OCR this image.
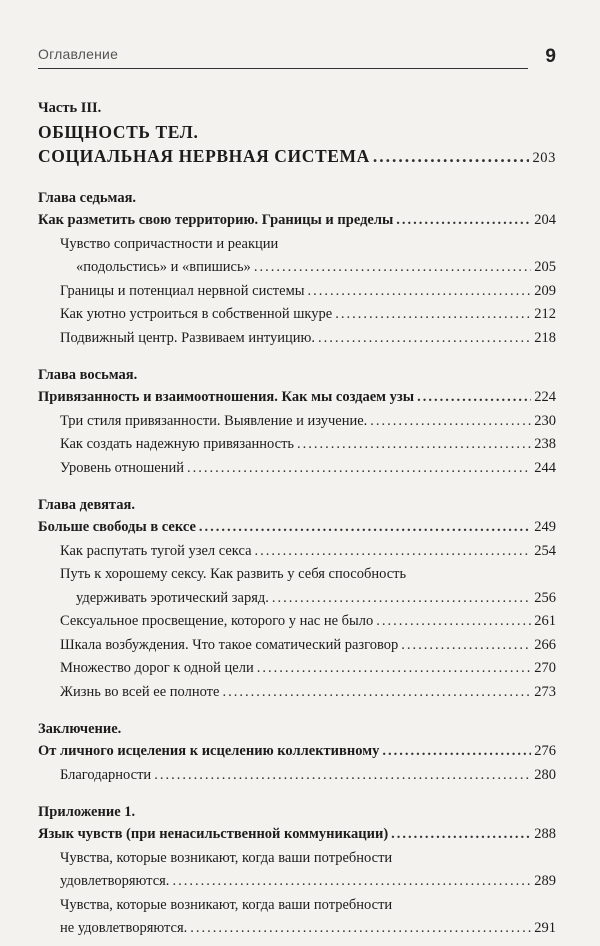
Оглавление	9
Часть III.
ОБЩНОСТЬ ТЕЛ.
СОЦИАЛЬНАЯ НЕРВНАЯ СИСТЕМА .....	203
Глава седьмая.
Как разметить свою территорию. Границы и пределы .....	204
Чувство сопричастности и реакции
«подольстись» и «впишись» .....	205
Границы и потенциал нервной системы .....	209
Как уютно устроиться в собственной шкуре .....	212
Подвижный центр. Развиваем интуицию. .....	218
Глава восьмая.
Привязанность и взаимоотношения. Как мы создаем узы .....	224
Три стиля привязанности. Выявление и изучение. .....	230
Как создать надежную привязанность .....	238
Уровень отношений .....	244
Глава девятая.
Больше свободы в сексе .....	249
Как распутать тугой узел секса .....	254
Путь к хорошему сексу. Как развить у себя способность
удерживать эротический заряд. .....	256
Сексуальное просвещение, которого у нас не было .....	261
Шкала возбуждения. Что такое соматический разговор .....	266
Множество дорог к одной цели .....	270
Жизнь во всей ее полноте .....	273
Заключение.
От личного исцеления к исцелению коллективному .....	276
Благодарности .....	280
Приложение 1.
Язык чувств (при ненасильственной коммуникации) .....	288
Чувства, которые возникают, когда ваши потребности
удовлетворяются. .....	289
Чувства, которые возникают, когда ваши потребности
не удовлетворяются. .....	291
